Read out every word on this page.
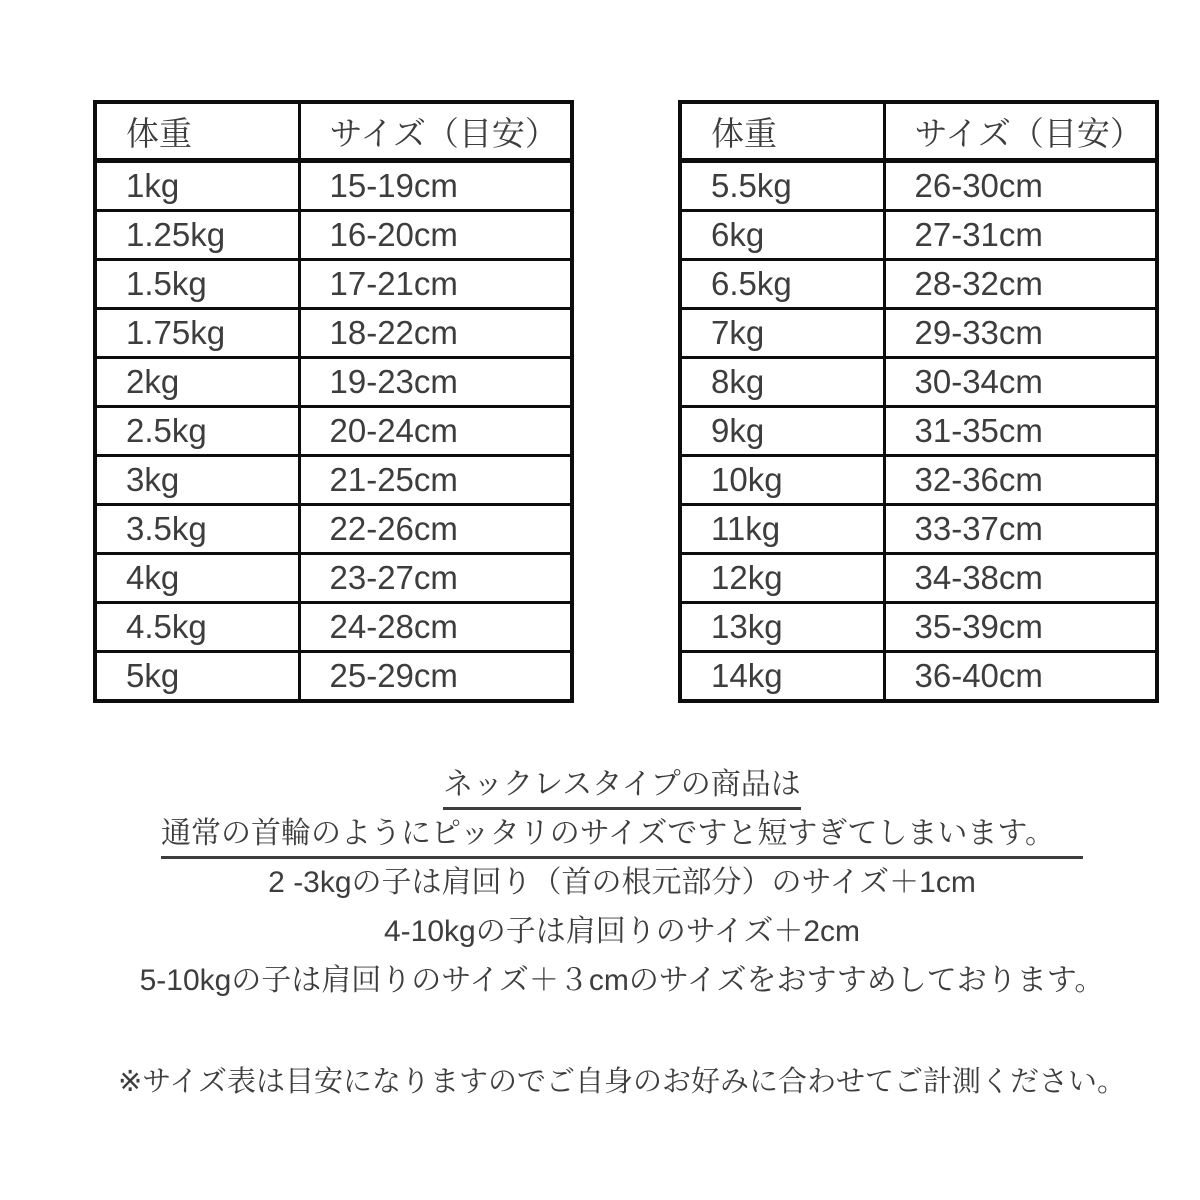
体重	サイズ（目安）
1kg	15-19cm
1.25kg	16-20cm
1.5kg	17-21cm
1.75kg	18-22cm
2kg	19-23cm
2.5kg	20-24cm
3kg	21-25cm
3.5kg	22-26cm
4kg	23-27cm
4.5kg	24-28cm
5kg	25-29cm
体重	サイズ（目安）
5.5kg	26-30cm
6kg	27-31cm
6.5kg	28-32cm
7kg	29-33cm
8kg	30-34cm
9kg	31-35cm
10kg	32-36cm
11kg	33-37cm
12kg	34-38cm
13kg	35-39cm
14kg	36-40cm
ネックレスタイプの商品は
通常の首輪のようにピッタリのサイズですと短すぎてしまいます。
2 -3kgの子は肩回り（首の根元部分）のサイズ＋1cm
4-10kgの子は肩回りのサイズ＋2cm
5-10kgの子は肩回りのサイズ＋３cmのサイズをおすすめしております。
※サイズ表は目安になりますのでご自身のお好みに合わせてご計測ください。
